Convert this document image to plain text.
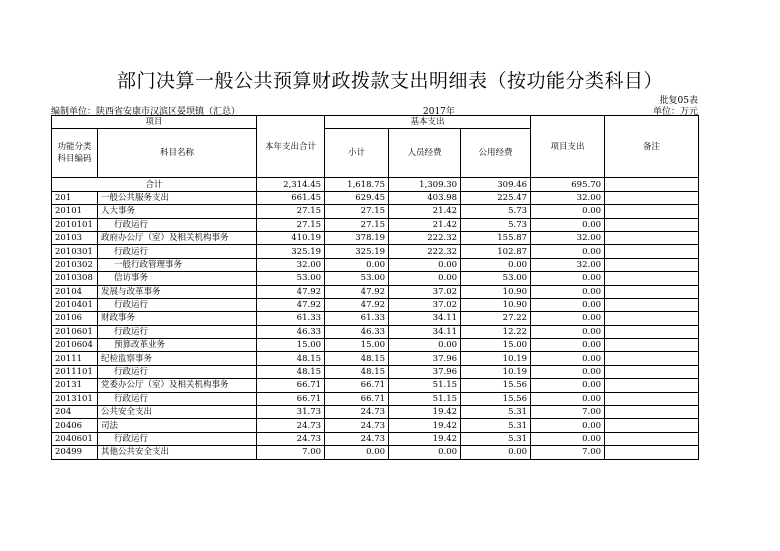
部门决算一般公共预算财政拨款支出明细表（按功能分类科目）
批复05表
编制单位：陕西省安康市汉滨区晏坝镇（汇总）	2017年	单位：万元
项目		本年支出合计	基本支出			项目支出	备注
功能分类科目编码	科目名称		小计	人员经费	公用经费		

合计		2,314.45	1,618.75	1,309.30	309.46	695.70	
201	一般公共服务支出	661.45	629.45	403.98	225.47	32.00	
20101	人大事务	27.15	27.15	21.42	5.73	0.00	
2010101	行政运行	27.15	27.15	21.42	5.73	0.00	
20103	政府办公厅（室）及相关机构事务	410.19	378.19	222.32	155.87	32.00	
2010301	行政运行	325.19	325.19	222.32	102.87	0.00	
2010302	一般行政管理事务	32.00	0.00	0.00	0.00	32.00	
2010308	信访事务	53.00	53.00	0.00	53.00	0.00	
20104	发展与改革事务	47.92	47.92	37.02	10.90	0.00	
2010401	行政运行	47.92	47.92	37.02	10.90	0.00	
20106	财政事务	61.33	61.33	34.11	27.22	0.00	
2010601	行政运行	46.33	46.33	34.11	12.22	0.00	
2010604	预算改革业务	15.00	15.00	0.00	15.00	0.00	
20111	纪检监察事务	48.15	48.15	37.96	10.19	0.00	
2011101	行政运行	48.15	48.15	37.96	10.19	0.00	
20131	党委办公厅（室）及相关机构事务	66.71	66.71	51.15	15.56	0.00	
2013101	行政运行	66.71	66.71	51.15	15.56	0.00	
204	公共安全支出	31.73	24.73	19.42	5.31	7.00	
20406	司法	24.73	24.73	19.42	5.31	0.00	
2040601	行政运行	24.73	24.73	19.42	5.31	0.00	
20499	其他公共安全支出	7.00	0.00	0.00	0.00	7.00	
